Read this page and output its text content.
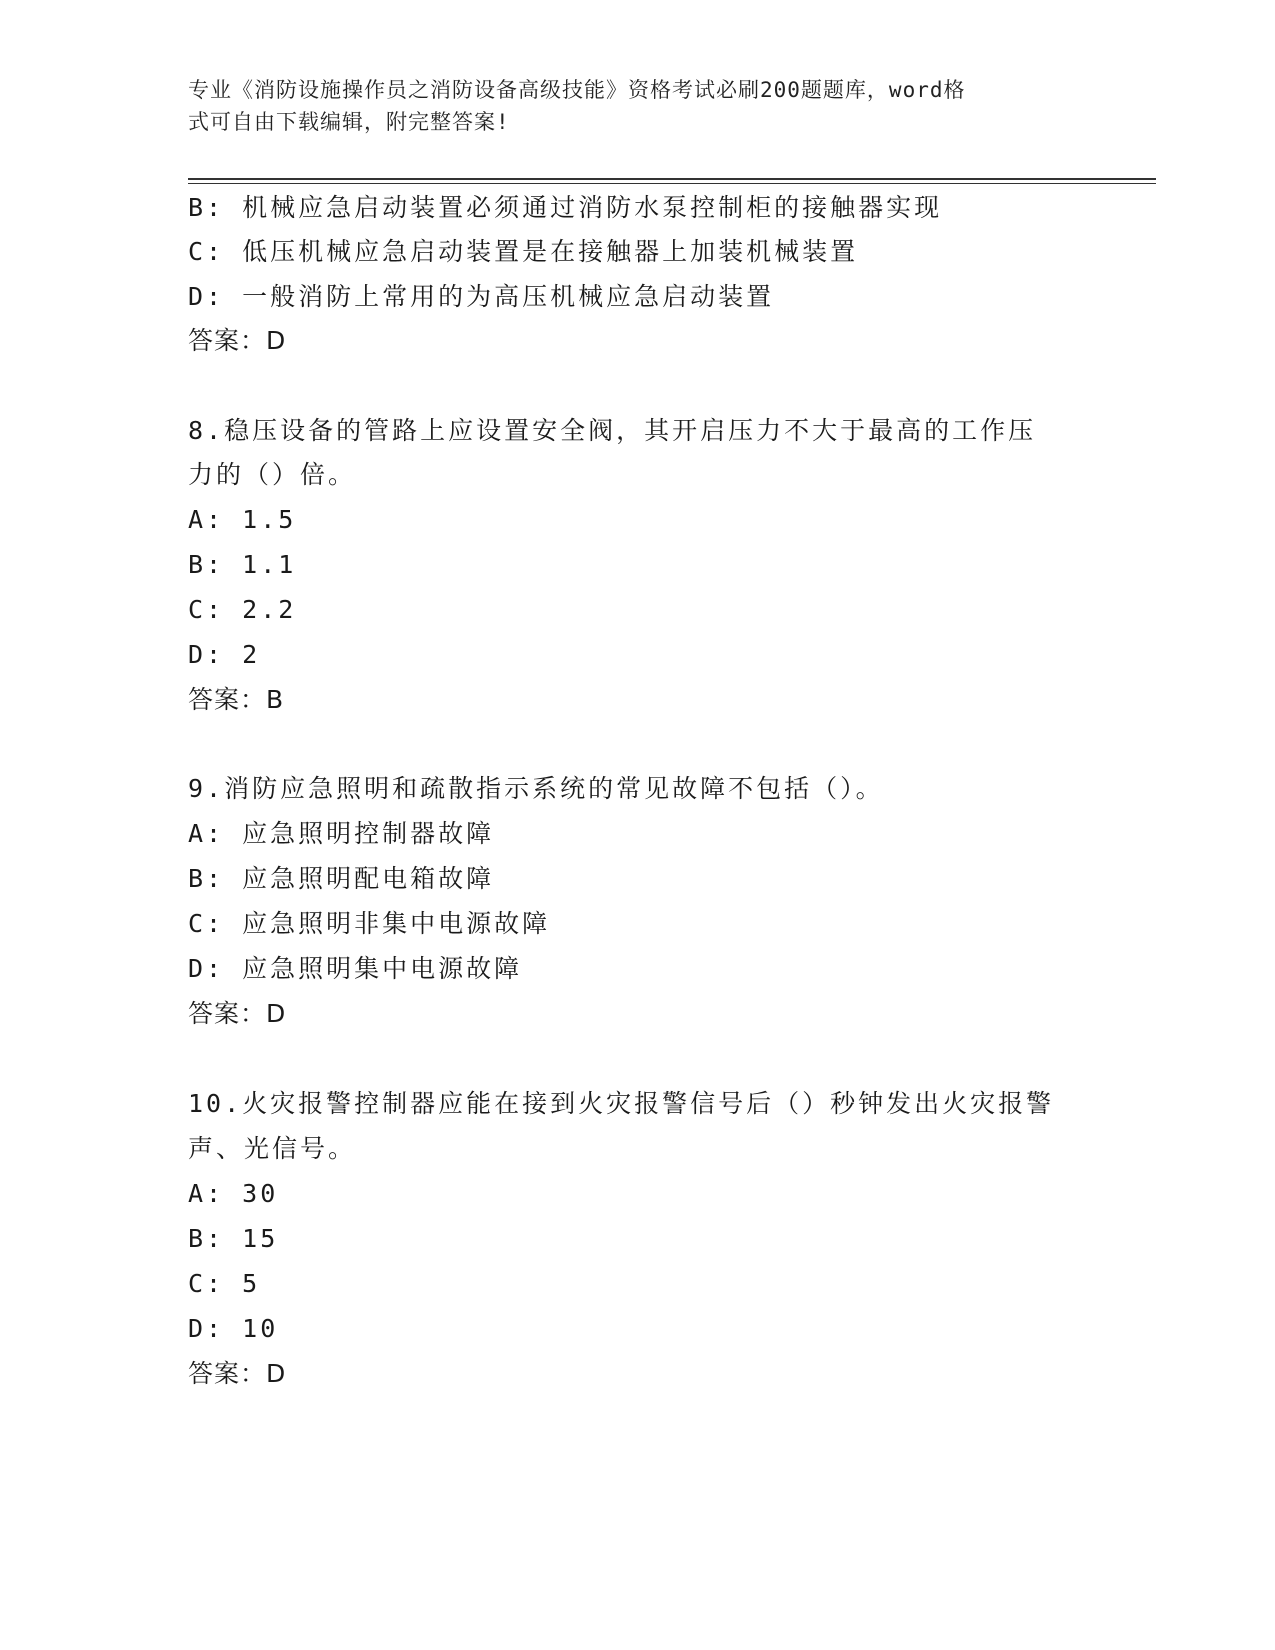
专业《消防设施操作员之消防设备高级技能》资格考试必刷200题题库，word格
式可自由下载编辑，附完整答案!
B: 机械应急启动装置必须通过消防水泵控制柜的接触器实现
C: 低压机械应急启动装置是在接触器上加装机械装置
D: 一般消防上常用的为高压机械应急启动装置
答案：D
8.稳压设备的管路上应设置安全阀，其开启压力不大于最高的工作压
力的（）倍。
A: 1.5
B: 1.1
C: 2.2
D: 2
答案：B
9.消防应急照明和疏散指示系统的常见故障不包括（）。
A: 应急照明控制器故障
B: 应急照明配电箱故障
C: 应急照明非集中电源故障
D: 应急照明集中电源故障
答案：D
10.火灾报警控制器应能在接到火灾报警信号后（）秒钟发出火灾报警
声、光信号。
A: 30
B: 15
C: 5
D: 10
答案：D
